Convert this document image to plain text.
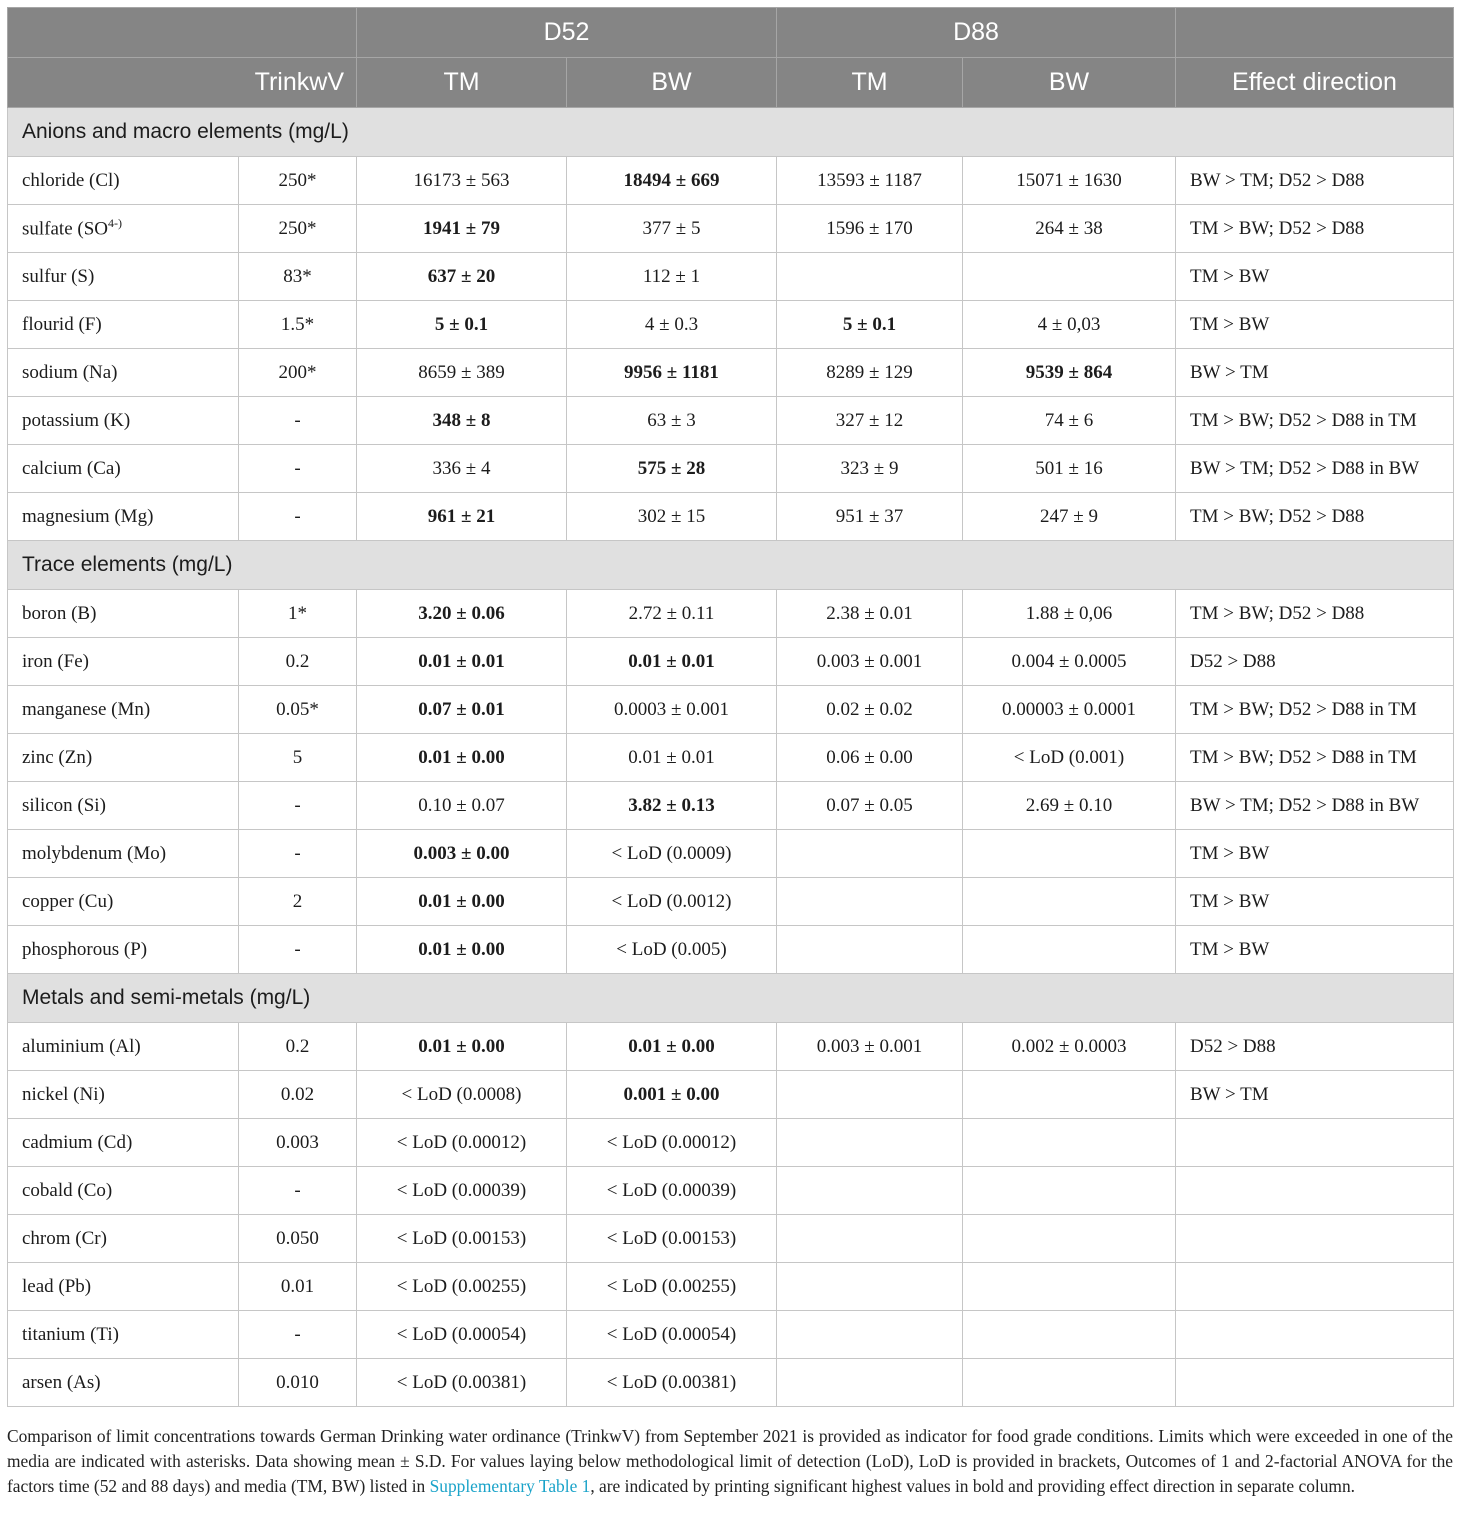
		D52		D88		
TrinkwV		TM	BW	TM	BW	Effect direction
Anions and macro elements (mg/L)						
chloride (Cl)	250*	16173 ± 563	18494 ± 669	13593 ± 1187	15071 ± 1630	BW > TM; D52 > D88
sulfate ($SO^{4-)}$	250*	1941 ± 79	377 ± 5	1596 ± 170	264 ± 38	TM > BW; D52 > D88
sulfur (S)	83*	637 ± 20	112 ± 1			TM > BW
flourid (F)	1.5*	5 ± 0.1	4 ± 0.3	5 ± 0.1	4 ± 0,03	TM > BW
sodium (Na)	200*	8659 ± 389	9956 ± 1181	8289 ± 129	9539 ± 864	BW > TM
potassium (K)	-	348 ± 8	63 ± 3	327 ± 12	74 ± 6	TM > BW; D52 > D88 in TM
calcium (Ca)	-	336 ± 4	575 ± 28	323 ± 9	501 ± 16	BW > TM; D52 > D88 in BW
magnesium (Mg)	-	961 ± 21	302 ± 15	951 ± 37	247 ± 9	TM > BW; D52 > D88
Trace elements (mg/L)						
boron (B)	1*	3.20 ± 0.06	2.72 ± 0.11	2.38 ± 0.01	1.88 ± 0,06	TM > BW; D52 > D88
iron (Fe)	0.2	0.01 ± 0.01	0.01 ± 0.01	0.003 ± 0.001	0.004 ± 0.0005	D52 > D88
manganese (Mn)	0.05*	0.07 ± 0.01	0.0003 ± 0.001	0.02 ± 0.02	0.00003 ± 0.0001	TM > BW; D52 > D88 in TM
zinc (Zn)	5	0.01 ± 0.00	0.01 ± 0.01	0.06 ± 0.00	< LoD (0.001)	TM > BW; D52 > D88 in TM
silicon (Si)	-	0.10 ± 0.07	3.82 ± 0.13	0.07 ± 0.05	2.69 ± 0.10	BW > TM; D52 > D88 in BW
molybdenum (Mo)	-	0.003 ± 0.00	< LoD (0.0009)			TM > BW
copper (Cu)	2	0.01 ± 0.00	< LoD (0.0012)			TM > BW
phosphorous (P)	-	0.01 ± 0.00	< LoD (0.005)			TM > BW
Metals and semi-metals (mg/L)						
aluminium (Al)	0.2	0.01 ± 0.00	0.01 ± 0.00	0.003 ± 0.001	0.002 ± 0.0003	D52 > D88
nickel (Ni)	0.02	< LoD (0.0008)	0.001 ± 0.00			BW > TM
cadmium (Cd)	0.003	< LoD (0.00012)	< LoD (0.00012)			
cobald (Co)	-	< LoD (0.00039)	< LoD (0.00039)			
chrom (Cr)	0.050	< LoD (0.00153)	< LoD (0.00153)			
lead (Pb)	0.01	< LoD (0.00255)	< LoD (0.00255)			
titanium (Ti)	-	< LoD (0.00054)	< LoD (0.00054)			
arsen (As)	0.010	< LoD (0.00381)	< LoD (0.00381)			
Comparison of limit concentrations towards German Drinking water ordinance (TrinkwV) from September 2021 is provided as indicator for food grade conditions. Limits which were exceeded in one of the media are indicated with asterisks. Data showing mean ± S.D. For values laying below methodological limit of detection (LoD), LoD is provided in brackets, Outcomes of 1 and 2-factorial ANOVA for the factors time (52 and 88 days) and media (TM, BW) listed in Supplementary Table 1, are indicated by printing significant highest values in bold and providing effect direction in separate column.
